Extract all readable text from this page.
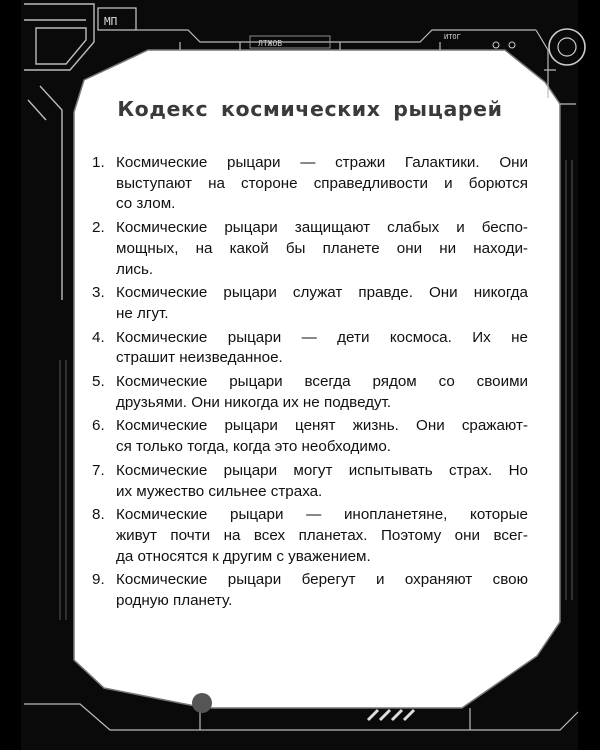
МП
ЛТЖОВ
ИТОГ
Кодекс космических рыцарей
1. Космические рыцари — стражи Галактики. Они
выступают на стороне справедливости и борются
со злом.

2. Космические рыцари защищают слабых и беспо-
мощных, на какой бы планете они ни находи-
лись.

3. Космические рыцари служат правде. Они никогда
не лгут.

4. Космические рыцари — дети космоса. Их не
страшит неизведанное.

5. Космические рыцари всегда рядом со своими
друзьями. Они никогда их не подведут.

6. Космические рыцари ценят жизнь. Они сражают-
ся только тогда, когда это необходимо.

7. Космические рыцари могут испытывать страх. Но
их мужество сильнее страха.

8. Космические рыцари — инопланетяне, которые
живут почти на всех планетах. Поэтому они всег-
да относятся к другим с уважением.

9. Космические рыцари берегут и охраняют свою
родную планету.
